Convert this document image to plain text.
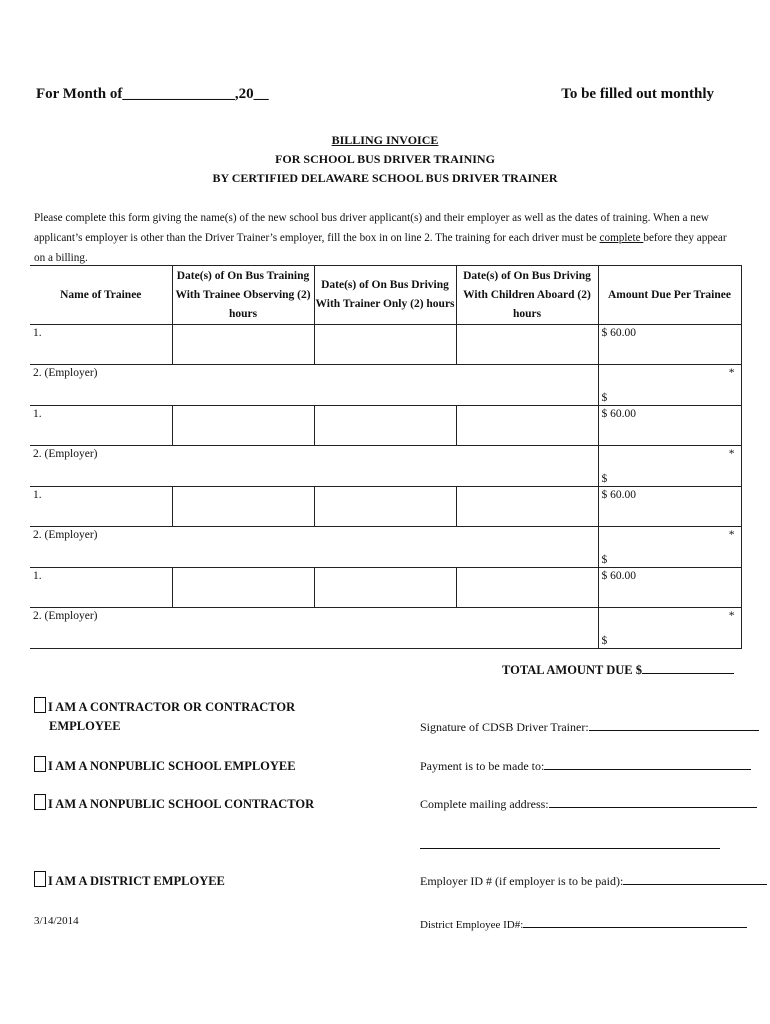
For Month of_______________,20__	To be filled out monthly
BILLING INVOICE
FOR SCHOOL BUS DRIVER TRAINING
BY CERTIFIED DELAWARE SCHOOL BUS DRIVER TRAINER
Please complete this form giving the name(s) of the new school bus driver applicant(s) and their employer as well as the dates of training. When a new applicant’s employer is other than the Driver Trainer’s employer, fill the box in on line 2. The training for each driver must be complete before they appear on a billing.
Name of Trainee	Date(s) of On Bus Training With Trainee Observing (2) hours	Date(s) of On Bus Driving With Trainer Only (2) hours	Date(s) of On Bus Driving With Children Aboard (2) hours	Amount Due Per Trainee

1.				$ 60.00

2. (Employer)				*
$

1.				$ 60.00

2. (Employer)				*
$

1.				$ 60.00

2. (Employer)				*
$

1.				$ 60.00

2. (Employer)				*
$
TOTAL AMOUNT DUE $
I AM A CONTRACTOR OR CONTRACTOR
EMPLOYEE
I AM A NONPUBLIC SCHOOL EMPLOYEE
I AM A NONPUBLIC SCHOOL CONTRACTOR
I AM A DISTRICT EMPLOYEE
Signature of CDSB Driver Trainer:
Payment is to be made to:
Complete mailing address:
Employer ID # (if employer is to be paid):
District Employee ID#:
3/14/2014
